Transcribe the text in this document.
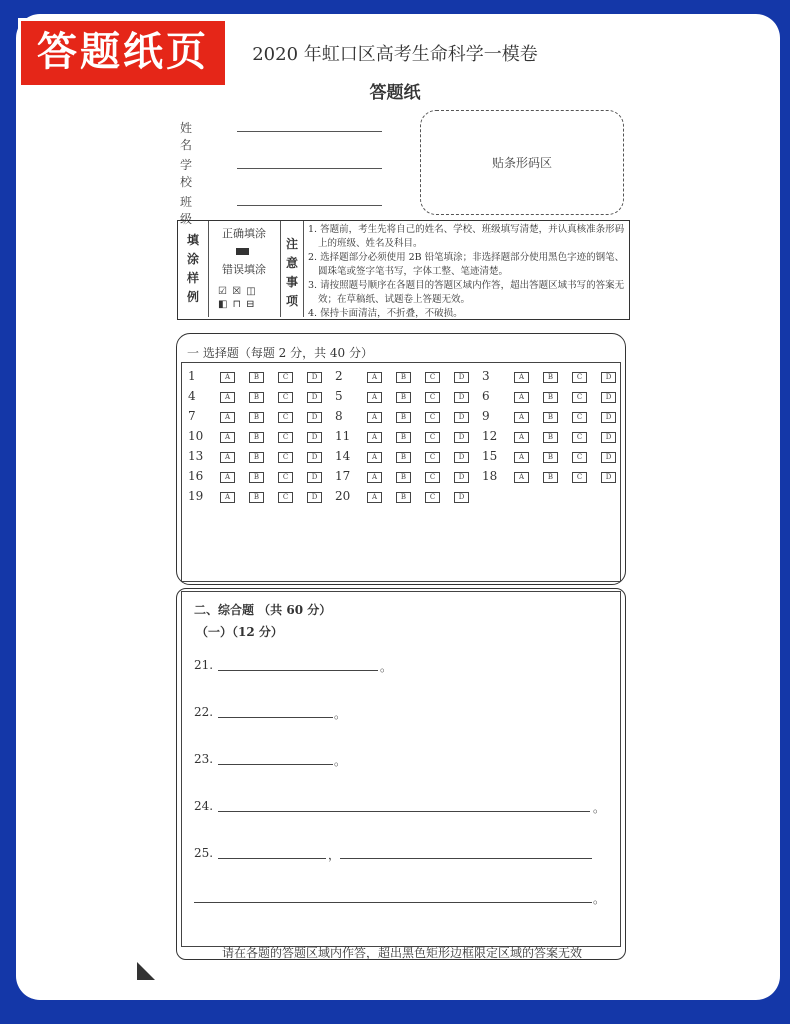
答题纸页	2020 年虹口区高考生命科学一模卷
答题纸
姓 名
学 校
班 级
贴条形码区
填涂样例
正确填涂
错误填涂
☑ ☒ ◫
◧ ⊓ ⊟
注意事项
1. 答题前，考生先将自己的姓名、学校、班级填写清楚，并认真核准条形码上的班级、姓名及科目。
2. 选择题部分必须使用 2B 铅笔填涂；非选择题部分使用黑色字迹的钢笔、圆珠笔或签字笔书写，字体工整、笔迹清楚。
3. 请按照题号顺序在各题目的答题区域内作答，超出答题区域书写的答案无效；在草稿纸、试题卷上答题无效。
4. 保持卡面清洁，不折叠，不破损。
一 选择题（每题 2 分，共 40 分）
1	A	B	C	D	2	A	B	C	D	3	A	B	C	D
4	A	B	C	D	5	A	B	C	D	6	A	B	C	D
7	A	B	C	D	8	A	B	C	D	9	A	B	C	D
10	A	B	C	D	11	A	B	C	D	12	A	B	C	D
13	A	B	C	D	14	A	B	C	D	15	A	B	C	D
16	A	B	C	D	17	A	B	C	D	18	A	B	C	D
19	A	B	C	D	20	A	B	C	D
二、综合题 （共 60 分）
（一）（12 分）
21.	。
22.	。
23.	。
24.	。
25.	，
。
请在各题的答题区域内作答，超出黑色矩形边框限定区域的答案无效
